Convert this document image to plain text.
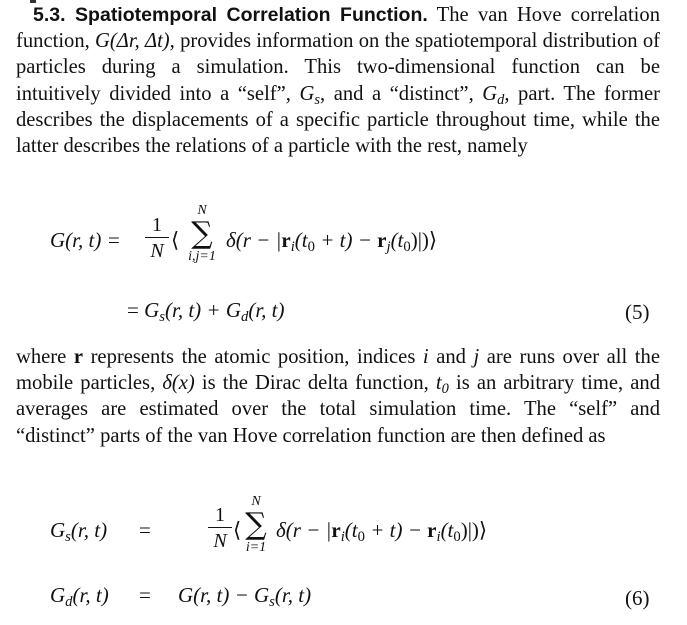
5.3. Spatiotemporal Correlation Function. The van Hove correlation function, G(Δr, Δt), provides information on the spatiotemporal distribution of particles during a simulation. This two-dimensional function can be intuitively divided into a “self”, $G_s$, and a “distinct”, $G_d$, part. The former describes the displacements of a specific particle throughout time, while the latter describes the relations of a particle with the rest, namely
G(r, t) =
1
N ⟨
N
∑
i,j=1
$\delta(r - |r_i(t_0 + t)$ − $r_j(t_0)|)⟩$
= $G_s(r$, $t) + G_d(r$, t)	(5)
where r represents the atomic position, indices i and j are runs over all the mobile particles, δ(x) is the Dirac delta function, $t_0$ is an arbitrary time, and averages are estimated over the total simulation time. The “self” and “distinct” parts of the van Hove correlation function are then defined as
$G_s(r$, t) =
1
N ⟨
N
∑
i=1
$\delta(r - |r_i(t_0 + t)$ − $r_i(t_0)|)⟩$
$G_d(r$, t) = G(r, $t) - G_s(r$, t)	(6)
